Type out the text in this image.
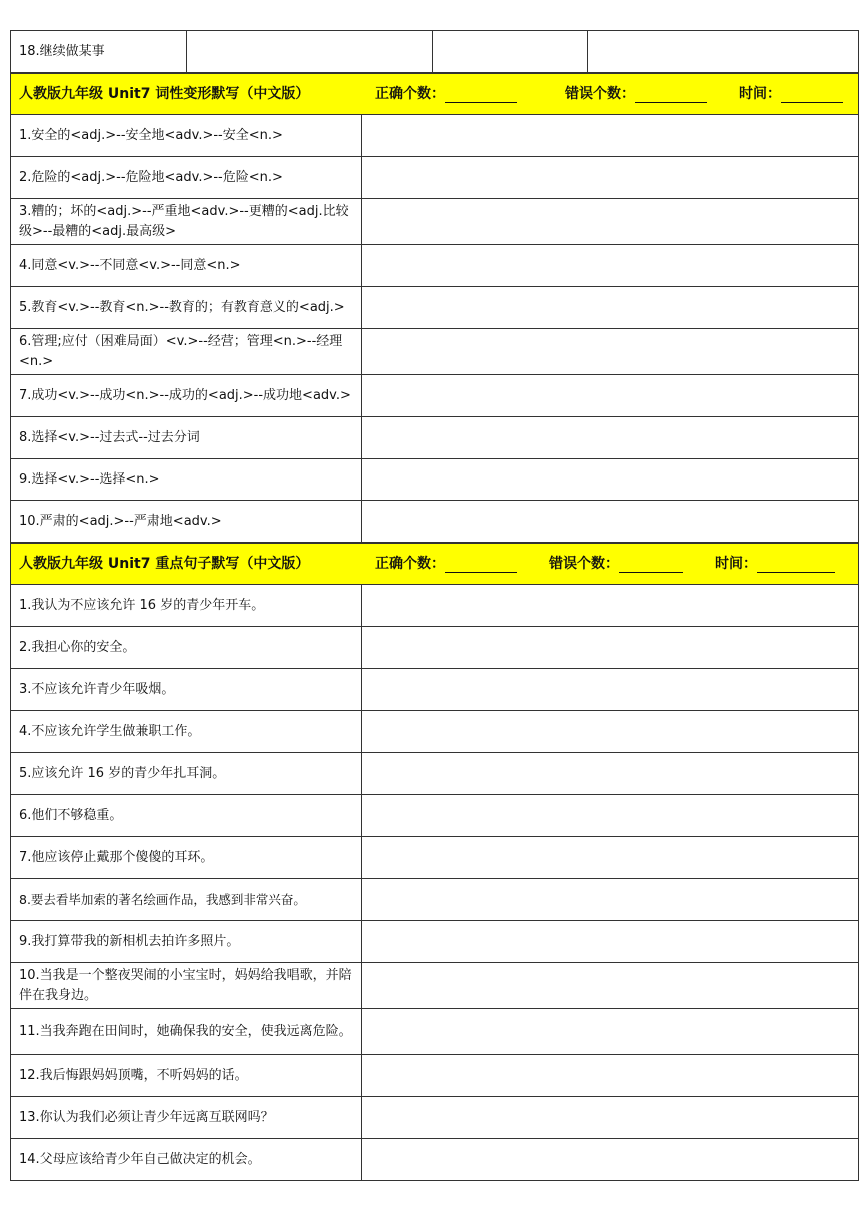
18.继续做某事			
人教版九年级 Unit7 词性变形默写（中文版） 正确个数： 错误个数： 时间：	

1.安全的<adj.>--安全地<adv.>--安全<n.>	
2.危险的<adj.>--危险地<adv.>--危险<n.>	
3.糟的；坏的<adj.>--严重地<adv.>--更糟的<adj.比较级>--最糟的<adj.最高级>	
4.同意<v.>--不同意<v.>--同意<n.>	
5.教育<v.>--教育<n.>--教育的；有教育意义的<adj.>	
6.管理;应付（困难局面）<v.>--经营；管理<n.>--经理<n.>	
7.成功<v.>--成功<n.>--成功的<adj.>--成功地<adv.>	
8.选择<v.>--过去式--过去分词	
9.选择<v.>--选择<n.>	
10.严肃的<adj.>--严肃地<adv.>	
人教版九年级 Unit7 重点句子默写（中文版） 正确个数： 错误个数： 时间：	

1.我认为不应该允许 16 岁的青少年开车。	
2.我担心你的安全。	
3.不应该允许青少年吸烟。	
4.不应该允许学生做兼职工作。	
5.应该允许 16 岁的青少年扎耳洞。	
6.他们不够稳重。	
7.他应该停止戴那个傻傻的耳环。	
8.要去看毕加索的著名绘画作品，我感到非常兴奋。	
9.我打算带我的新相机去拍许多照片。	
10.当我是一个整夜哭闹的小宝宝时，妈妈给我唱歌，并陪伴在我身边。	
11.当我奔跑在田间时，她确保我的安全，使我远离危险。	
12.我后悔跟妈妈顶嘴，不听妈妈的话。	
13.你认为我们必须让青少年远离互联网吗？	
14.父母应该给青少年自己做决定的机会。	
